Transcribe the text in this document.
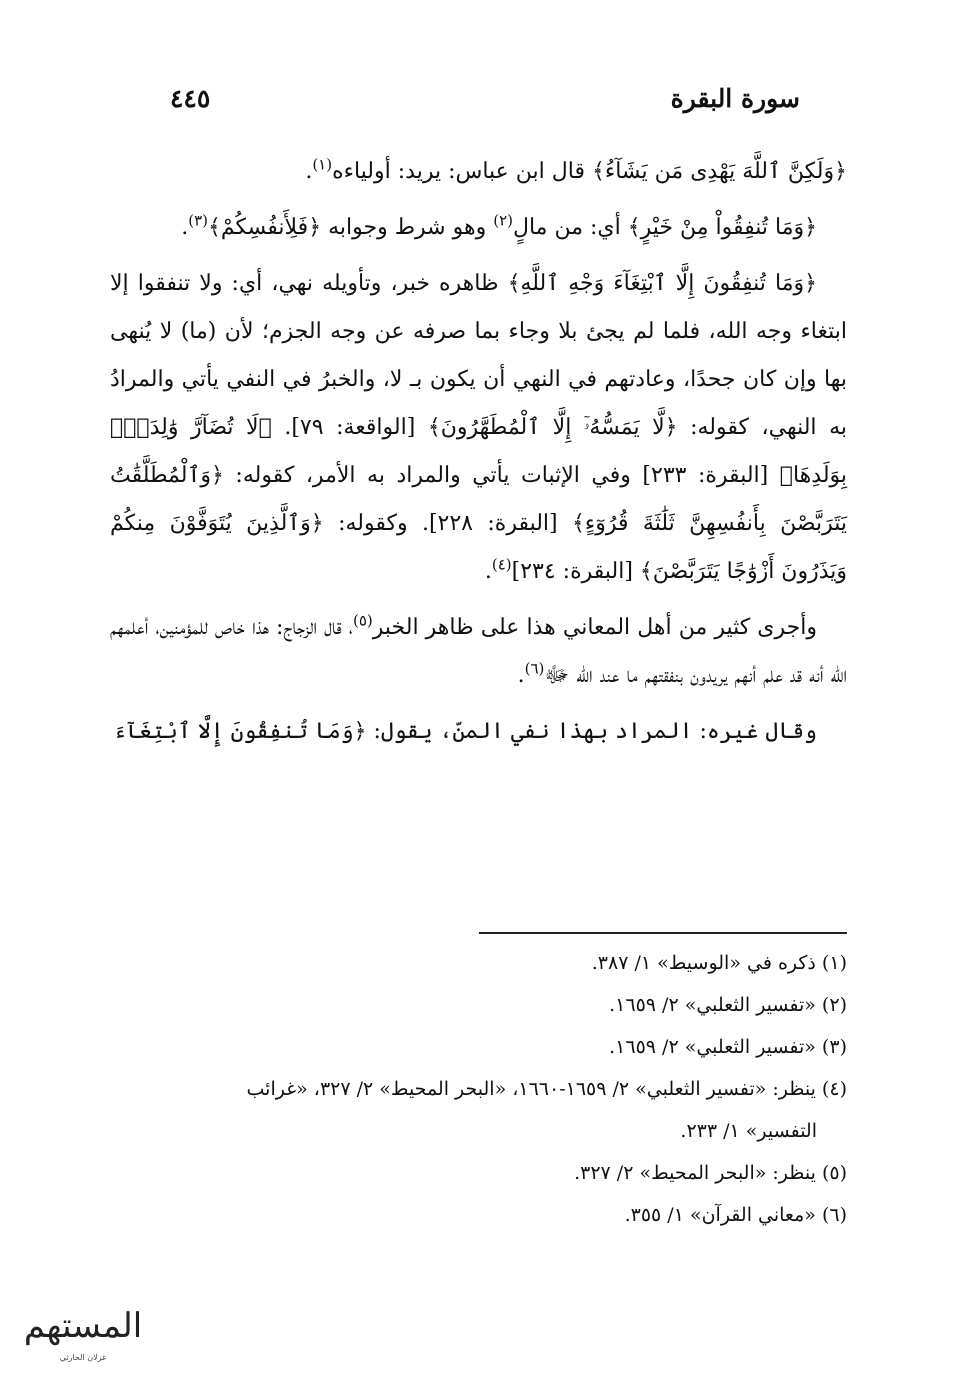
٤٤٥	سورة البقرة

﴿وَلَكِنَّ ٱللَّهَ يَهْدِى مَن يَشَآءُ﴾ قال ابن عباس: يريد: أولياءه$^{(١)}$.

﴿وَمَا تُنفِقُواْ مِنْ خَيْرٍ﴾ أي: من مالٍ$^{(٢)}$ وهو شرط وجوابه ﴿فَلِأَنفُسِكُمْ﴾$^{(٣)}$.

﴿وَمَا تُنفِقُونَ إِلَّا ٱبْتِغَآءَ وَجْهِ ٱللَّهِ﴾ ظاهره خبر، وتأويله نهي، أي: ولا تنفقوا إلا ابتغاء وجه الله، فلما لم يجئ بلا وجاء بما صرفه عن وجه الجزم؛ لأن (ما) لا يُنهى بها وإن كان جحدًا، وعادتهم في النهي أن يكون بـ لا، والخبرُ في النفي يأتي والمرادُ به النهي، كقوله: ﴿لَّا يَمَسُّهُۥٓ إِلَّا ٱلْمُطَهَّرُونَ﴾ [الواقعة: ٧٩]. ﴿لَا تُضَآرَّ وَٰلِدَةٌۢ بِوَلَدِهَا﴾ [البقرة: ٢٣٣] وفي الإثبات يأتي والمراد به الأمر، كقوله: ﴿وَٱلْمُطَلَّقَٰتُ يَتَرَبَّصْنَ بِأَنفُسِهِنَّ ثَلَٰثَةَ قُرُوٓءٍ﴾ [البقرة: ٢٢٨]. وكقوله: ﴿وَٱلَّذِينَ يُتَوَفَّوْنَ مِنكُمْ وَيَذَرُونَ أَزْوَٰجًا يَتَرَبَّصْنَ﴾ [البقرة: ٢٣٤]$^{(٤)}$.

وأجرى كثير من أهل المعاني هذا على ظاهر الخبر$^{(٥)}$، قال الزجاج: هذا خاص للمؤمنين، أعلمهم الله أنه قد علم أنهم يريدون بنفقتهم ما عند الله ﷻ$^{(٦)}$.

وقال غيره: المراد بهذا نفي المنّ، يقول: ﴿وَمَا تُنفِقُونَ إِلَّا ٱبْتِغَآءَ

(١) ذكره في «الوسيط» ١/ ٣٨٧.
(٢) «تفسير الثعلبي» ٢/ ١٦٥٩.
(٣) «تفسير الثعلبي» ٢/ ١٦٥٩.
(٤) ينظر: «تفسير الثعلبي» ٢/ ١٦٥٩-١٦٦٠، «البحر المحيط» ٢/ ٣٢٧، «غرائب
التفسير» ١/ ٢٣٣.
(٥) ينظر: «البحر المحيط» ٢/ ٣٢٧.
(٦) «معاني القرآن» ١/ ٣٥٥.
المستهم
غزلان الحارثي
